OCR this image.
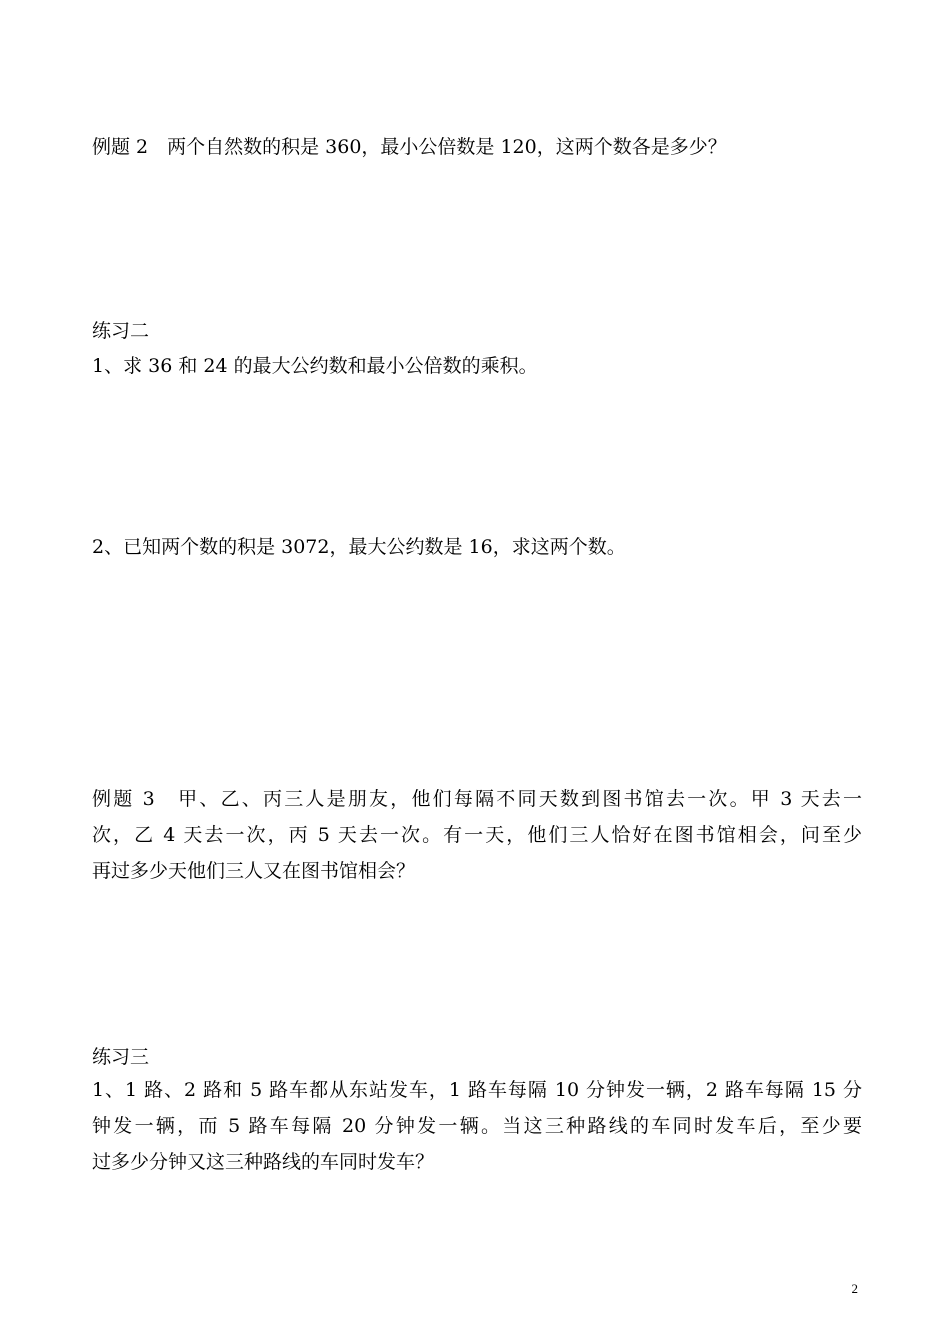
例题 2　两个自然数的积是 360，最小公倍数是 120，这两个数各是多少？

练习二

1、求 36 和 24 的最大公约数和最小公倍数的乘积。

2、已知两个数的积是 3072，最大公约数是 16，求这两个数。

例题 3　甲、乙、丙三人是朋友，他们每隔不同天数到图书馆去一次。甲 3 天去一
次，乙 4 天去一次，丙 5 天去一次。有一天，他们三人恰好在图书馆相会，问至少
再过多少天他们三人又在图书馆相会？

练习三

1、1 路、2 路和 5 路车都从东站发车，1 路车每隔 10 分钟发一辆，2 路车每隔 15 分
钟发一辆，而 5 路车每隔 20 分钟发一辆。当这三种路线的车同时发车后，至少要
过多少分钟又这三种路线的车同时发车？

2
